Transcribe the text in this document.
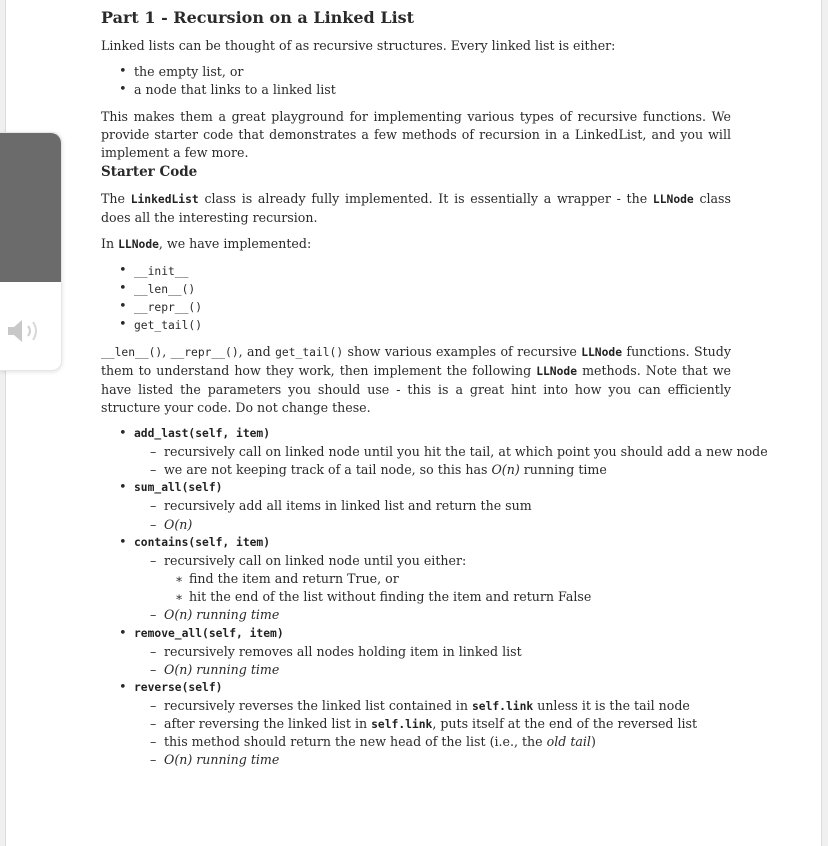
Part 1 - Recursion on a Linked List

Linked lists can be thought of as recursive structures. Every linked list is either:

• the empty list, or
• a node that links to a linked list

This makes them a great playground for implementing various types of recursive functions. We provide starter code that demonstrates a few methods of recursion in a LinkedList, and you will implement a few more.

Starter Code

The LinkedList class is already fully implemented. It is essentially a wrapper - the LLNode class does all the interesting recursion.

In LLNode, we have implemented:

• __init__
• __len__()
• __repr__()
• get_tail()

__len__(), __repr__(), and get_tail() show various examples of recursive LLNode functions. Study them to understand how they work, then implement the following LLNode methods. Note that we have listed the parameters you should use - this is a great hint into how you can efficiently structure your code. Do not change these.

• add_last(self, item)
– recursively call on linked node until you hit the tail, at which point you should add a new node
– we are not keeping track of a tail node, so this has O(n) running time
• sum_all(self)
– recursively add all items in linked list and return the sum
– O(n)
• contains(self, item)
– recursively call on linked node until you either:
∗ find the item and return True, or
∗ hit the end of the list without finding the item and return False
– O(n) running time
• remove_all(self, item)
– recursively removes all nodes holding item in linked list
– O(n) running time
• reverse(self)
– recursively reverses the linked list contained in self.link unless it is the tail node
– after reversing the linked list in self.link, puts itself at the end of the reversed list
– this method should return the new head of the list (i.e., the old tail)
– O(n) running time
